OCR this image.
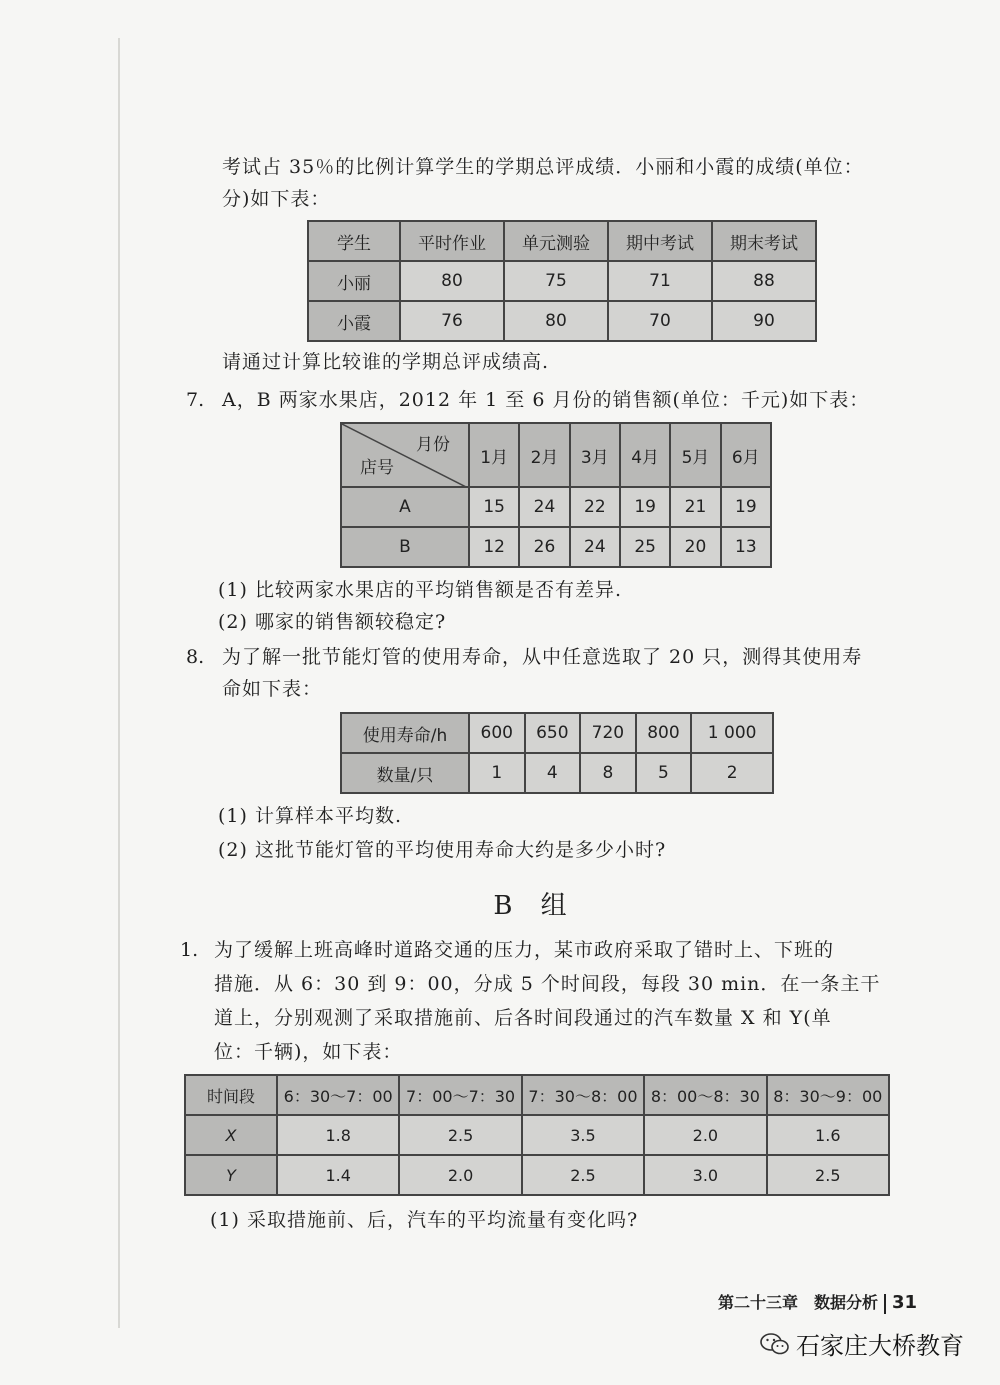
考试占 35％的比例计算学生的学期总评成绩．小丽和小霞的成绩(单位：
分)如下表：
学生	平时作业	单元测验	期中考试	期末考试
小丽	80	75	71	88
小霞	76	80	70	90
请通过计算比较谁的学期总评成绩高.
7. A，B 两家水果店，2012 年 1 至 6 月份的销售额(单位：千元)如下表：
月份
店号	1月	2月	3月	4月	5月	6月
A	15	24	22	19	21	19
B	12	26	24	25	20	13
(1) 比较两家水果店的平均销售额是否有差异.
(2) 哪家的销售额较稳定?
8. 为了解一批节能灯管的使用寿命，从中任意选取了 20 只，测得其使用寿
命如下表：
使用寿命/h	600	650	720	800	1 000
数量/只	1	4	8	5	2
(1) 计算样本平均数.
(2) 这批节能灯管的平均使用寿命大约是多少小时?
B 组
1. 为了缓解上班高峰时道路交通的压力，某市政府采取了错时上、下班的
措施．从 6：30 到 9：00，分成 5 个时间段，每段 30 min．在一条主干
道上，分别观测了采取措施前、后各时间段通过的汽车数量 X 和 Y(单
位：千辆)，如下表：
时间段	6：30～7：00	7：00～7：30	7：30～8：00	8：00～8：30	8：30～9：00
X	1.8	2.5	3.5	2.0	1.6
Y	1.4	2.0	2.5	3.0	2.5
(1) 采取措施前、后，汽车的平均流量有变化吗?
第二十三章　数据分析 31
石家庄大桥教育
